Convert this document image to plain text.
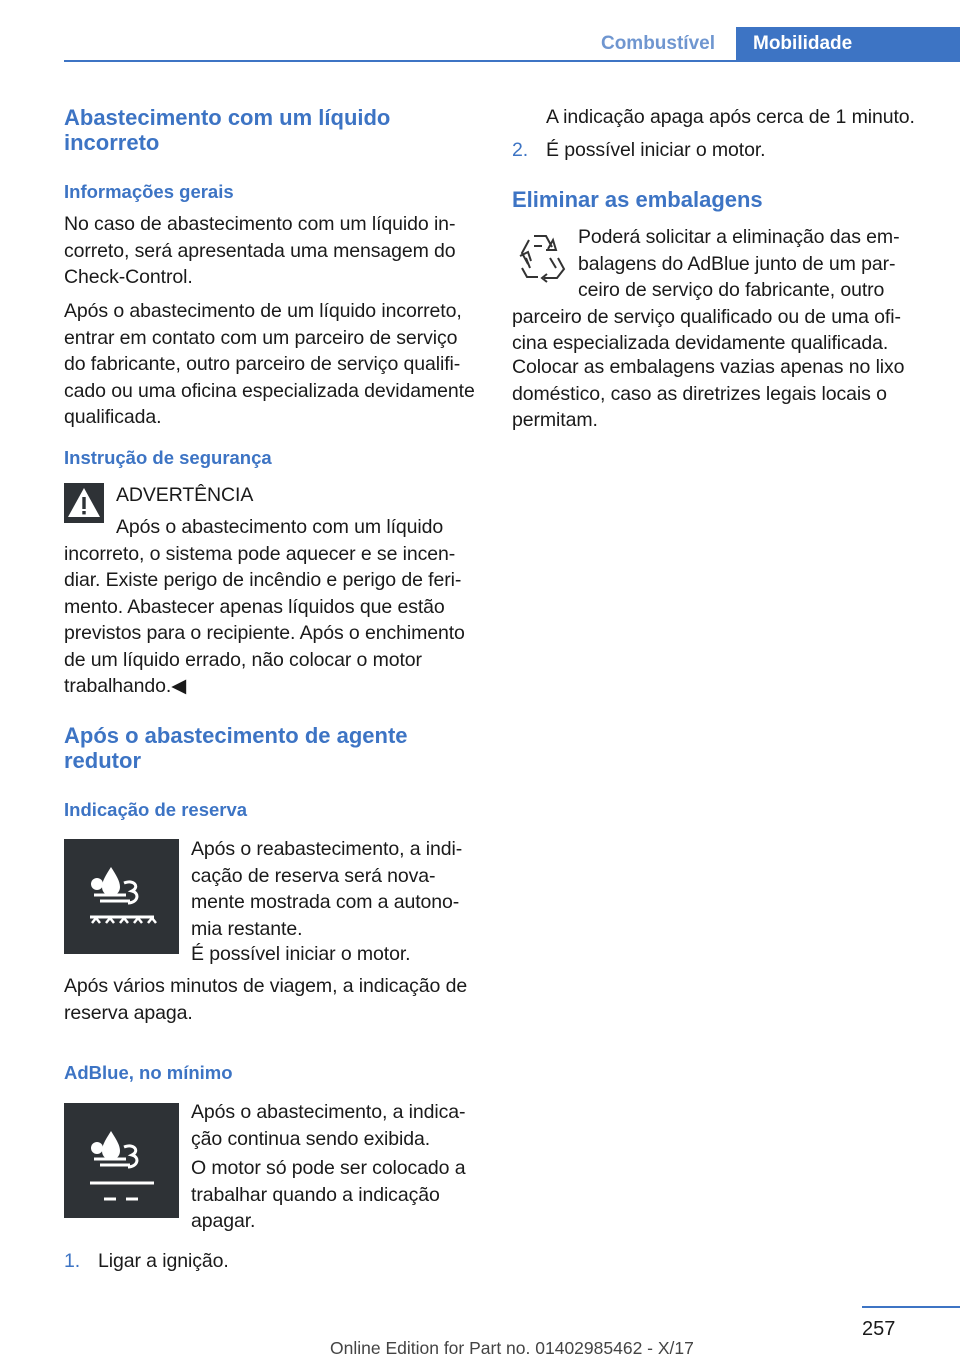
Combustível	Mobilidade
Abastecimento com um líquido incorreto
Informações gerais

No caso de abastecimento com um líquido incorreto, será apresentada uma mensagem do Check-Control.

Após o abastecimento de um líquido incorreto, entrar em contato com um parceiro de serviço do fabricante, outro parceiro de serviço qualificado ou uma oficina especializada devidamente qualificada.

Instrução de segurança

ADVERTÊNCIA

Após o abastecimento com um líquido incorreto, o sistema pode aquecer e se incendiar. Existe perigo de incêndio e perigo de ferimento. Abastecer apenas líquidos que estão previstos para o recipiente. Após o enchimento de um líquido errado, não colocar o motor trabalhando.◀

Após o abastecimento de agente redutor
Indicação de reserva

Após o reabastecimento, a indicação de reserva será novamente mostrada com a autonomia restante.

É possível iniciar o motor.

Após vários minutos de viagem, a indicação de reserva apaga.

AdBlue, no mínimo

Após o abastecimento, a indicação continua sendo exibida.

O motor só pode ser colocado a trabalhar quando a indicação apagar.

1. Ligar a ignição.

A indicação apaga após cerca de 1 minuto.

2. É possível iniciar o motor.
Eliminar as embalagens

Poderá solicitar a eliminação das embalagens do AdBlue junto de um parceiro de serviço do fabricante, outro parceiro de serviço qualificado ou de uma oficina especializada devidamente qualificada.

Colocar as embalagens vazias apenas no lixo doméstico, caso as diretrizes legais locais o permitam.

257
Online Edition for Part no. 01402985462 - X/17
